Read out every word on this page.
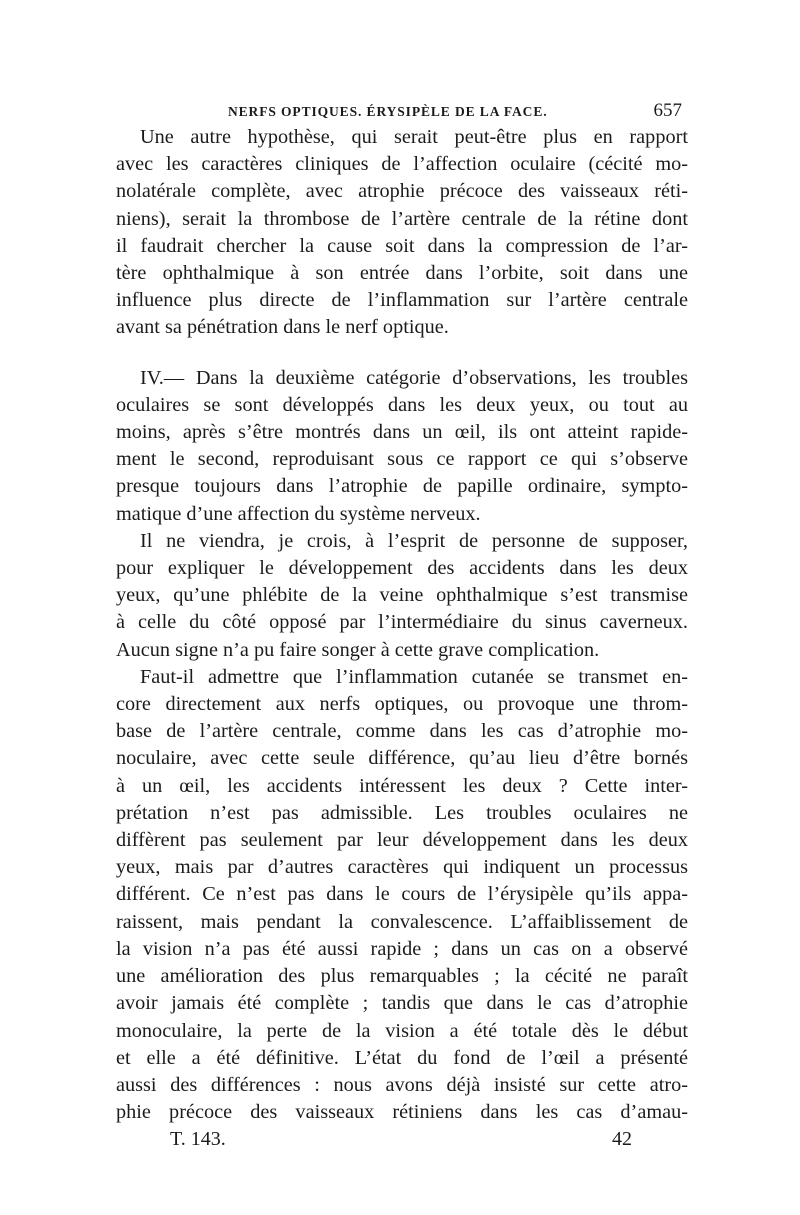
NERFS OPTIQUES. ÉRYSIPÈLE DE LA FACE.	657
Une autre hypothèse, qui serait peut-être plus en rapport
avec les caractères cliniques de l’affection oculaire (cécité mo-
nolatérale complète, avec atrophie précoce des vaisseaux réti-
niens), serait la thrombose de l’artère centrale de la rétine dont
il faudrait chercher la cause soit dans la compression de l’ar-
tère ophthalmique à son entrée dans l’orbite, soit dans une
influence plus directe de l’inflammation sur l’artère centrale
avant sa pénétration dans le nerf optique.
IV.— Dans la deuxième catégorie d’observations, les troubles
oculaires se sont développés dans les deux yeux, ou tout au
moins, après s’être montrés dans un œil, ils ont atteint rapide-
ment le second, reproduisant sous ce rapport ce qui s’observe
presque toujours dans l’atrophie de papille ordinaire, sympto-
matique d’une affection du système nerveux.
Il ne viendra, je crois, à l’esprit de personne de supposer,
pour expliquer le développement des accidents dans les deux
yeux, qu’une phlébite de la veine ophthalmique s’est transmise
à celle du côté opposé par l’intermédiaire du sinus caverneux.
Aucun signe n’a pu faire songer à cette grave complication.
Faut-il admettre que l’inflammation cutanée se transmet en-
core directement aux nerfs optiques, ou provoque une throm-
base de l’artère centrale, comme dans les cas d’atrophie mo-
noculaire, avec cette seule différence, qu’au lieu d’être bornés
à un œil, les accidents intéressent les deux ? Cette inter-
prétation n’est pas admissible. Les troubles oculaires ne
diffèrent pas seulement par leur développement dans les deux
yeux, mais par d’autres caractères qui indiquent un processus
différent. Ce n’est pas dans le cours de l’érysipèle qu’ils appa-
raissent, mais pendant la convalescence. L’affaiblissement de
la vision n’a pas été aussi rapide ; dans un cas on a observé
une amélioration des plus remarquables ; la cécité ne paraît
avoir jamais été complète ; tandis que dans le cas d’atrophie
monoculaire, la perte de la vision a été totale dès le début
et elle a été définitive. L’état du fond de l’œil a présenté
aussi des différences : nous avons déjà insisté sur cette atro-
phie précoce des vaisseaux rétiniens dans les cas d’amau-
T. 143.	42
